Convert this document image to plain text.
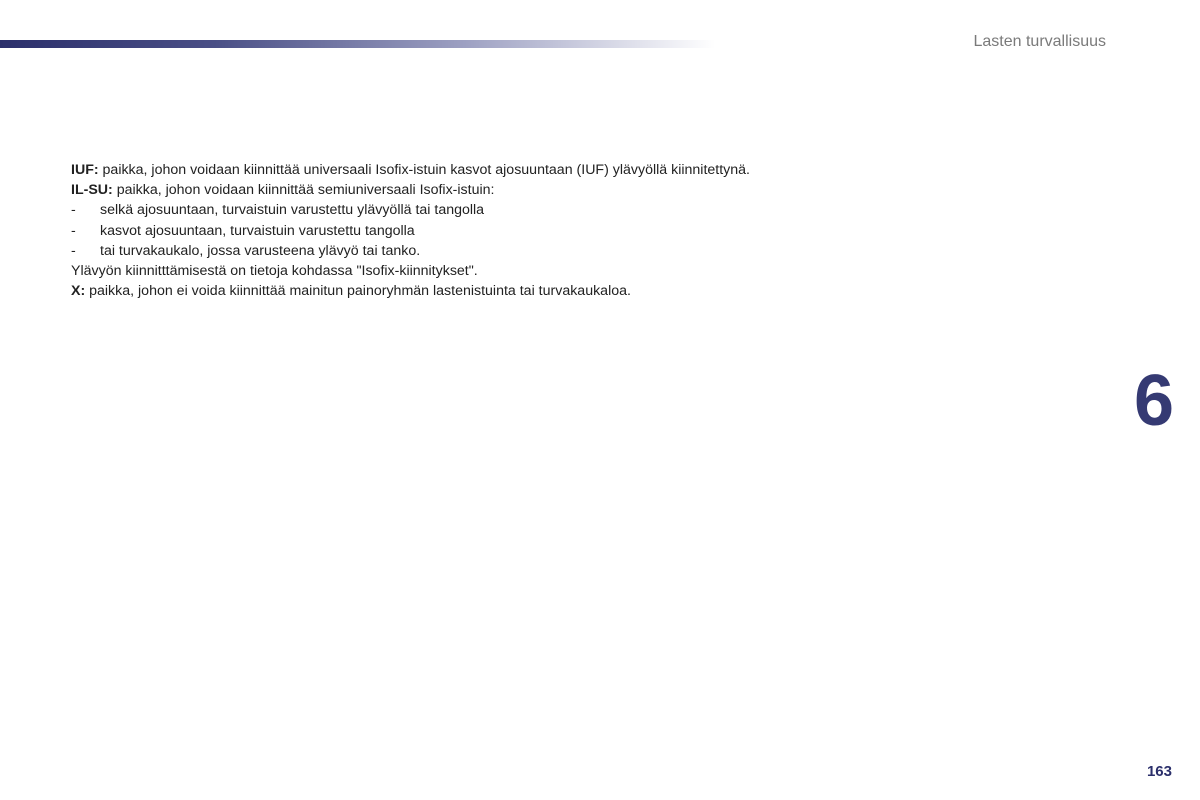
Lasten turvallisuus
IUF: paikka, johon voidaan kiinnittää universaali Isofix-istuin kasvot ajosuuntaan (IUF) ylävyöllä kiinnitettynä.
IL-SU: paikka, johon voidaan kiinnittää semiuniversaali Isofix-istuin:
-	selkä ajosuuntaan, turvaistuin varustettu ylävyöllä tai tangolla
-	kasvot ajosuuntaan, turvaistuin varustettu tangolla
-	tai turvakaukalo, jossa varusteena ylävyö tai tanko.
Ylävyön kiinnitttämisestä on tietoja kohdassa "Isofix-kiinnitykset".
X: paikka, johon ei voida kiinnittää mainitun painoryhmän lastenistuinta tai turvakaukaloa.
6
163
